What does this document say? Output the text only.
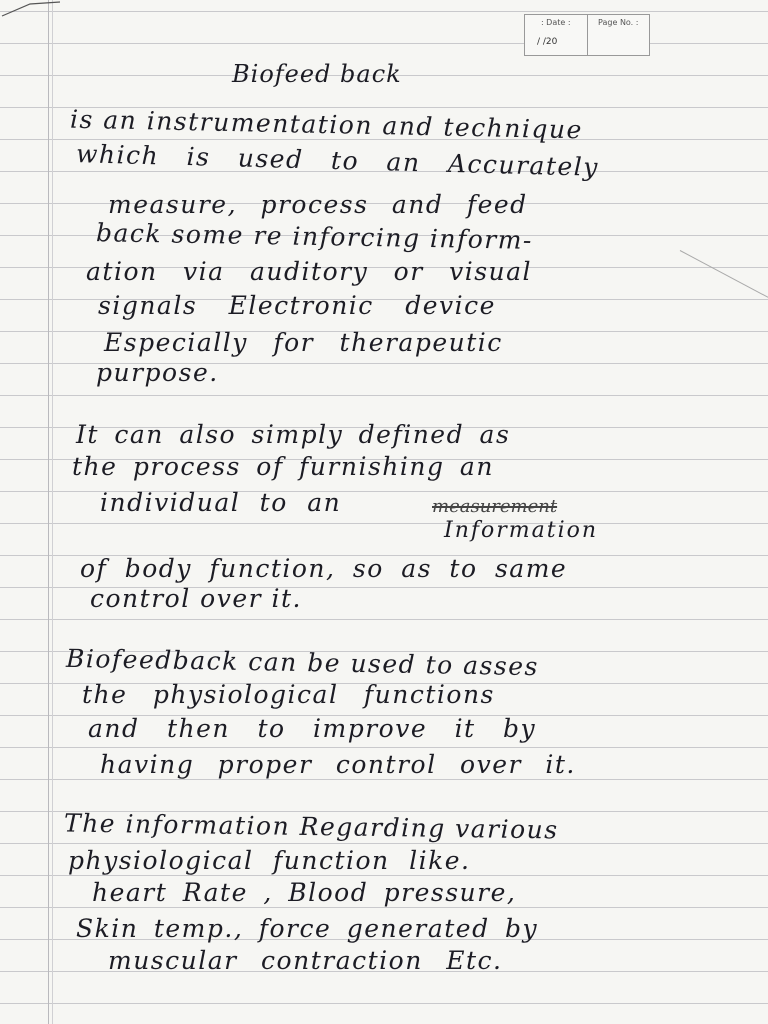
: Date :
/ /20
Page No. :
Biofeed back
is an instrumentation and technique
which is used to an Accurately
measure, process and feed
back some re inforcing inform-
ation via auditory or visual
signals Electronic device
Especially for therapeutic
purpose.
It can also simply defined as
the process of furnishing an
individual to an	measurement
Information
of body function, so as to same
control over it.
Biofeedback can be used to asses
the physiological functions
and then to improve it by
having proper control over it.
The information Regarding various
physiological function like.
heart Rate , Blood pressure,
Skin temp., force generated by
muscular contraction Etc.
